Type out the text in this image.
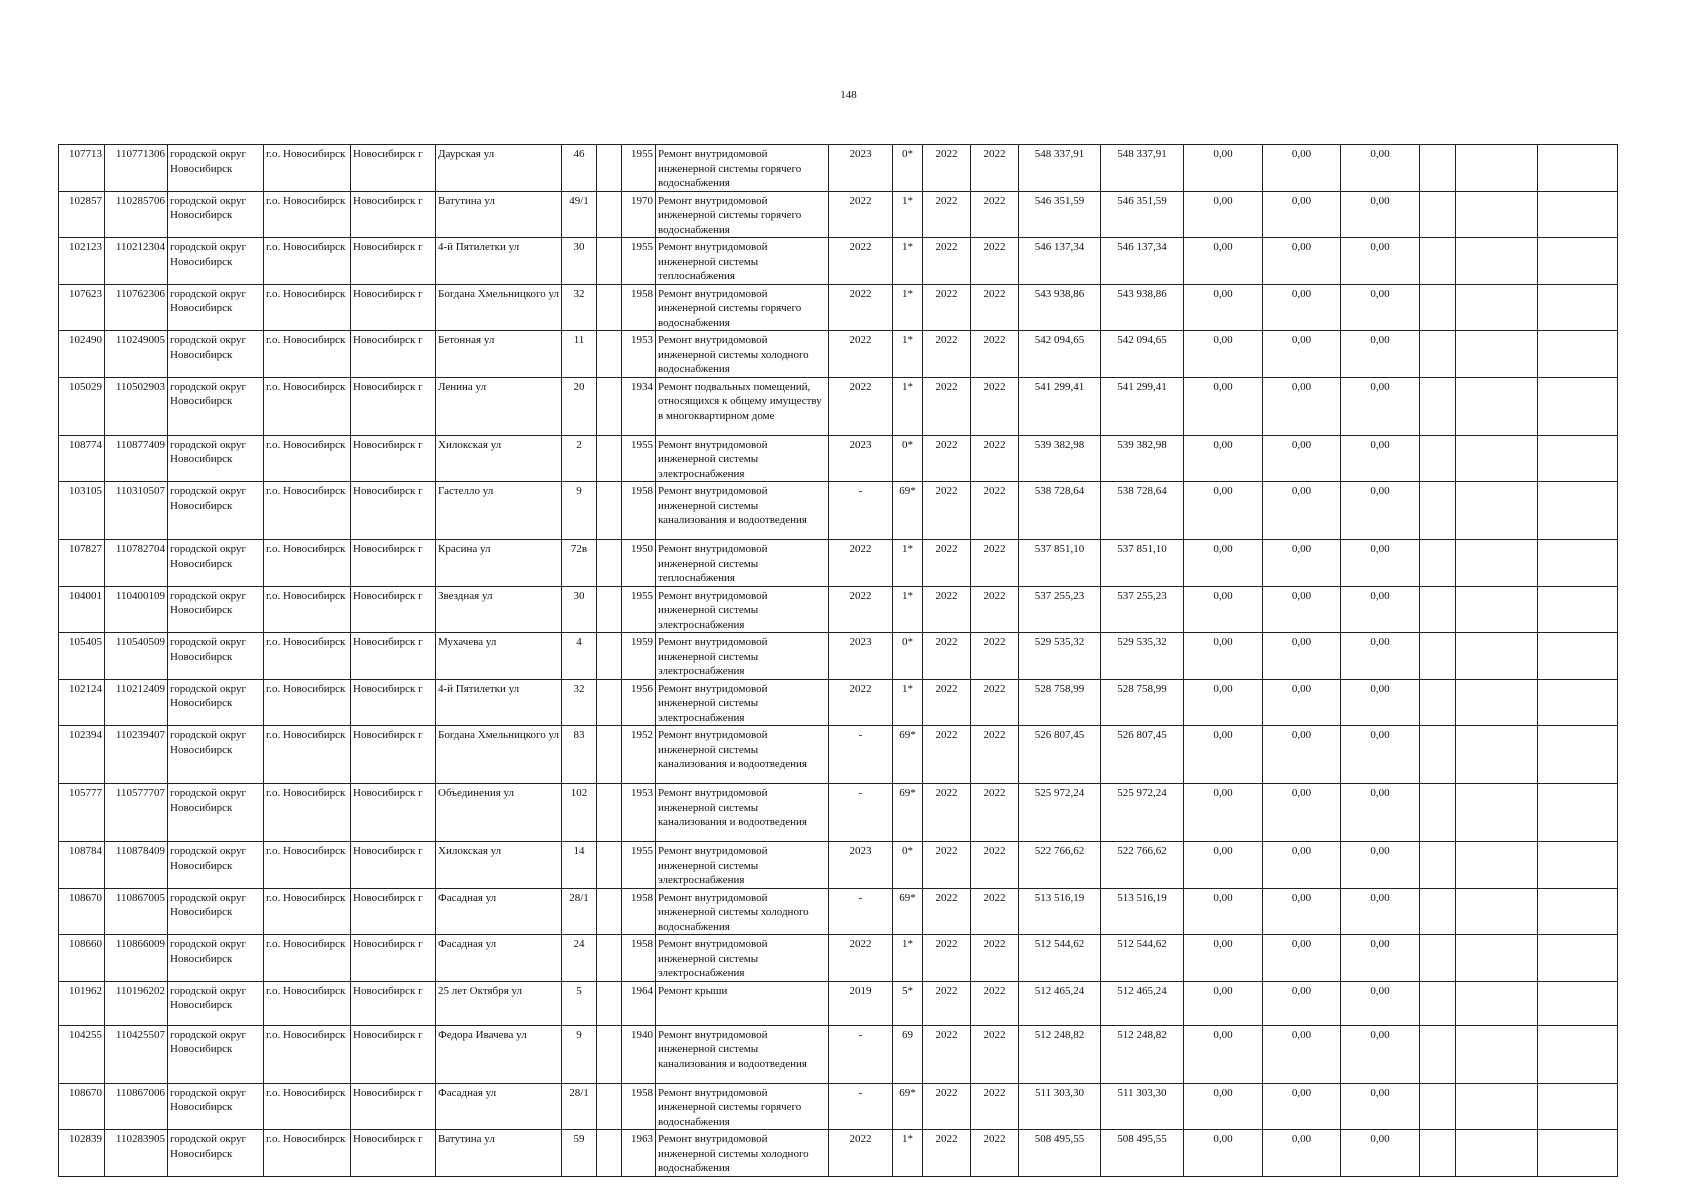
148
107713	110771306	городской округ Новосибирск	г.о. Новосибирск	Новосибирск г	Даурская ул	46		1955	Ремонт внутридомовой инженерной системы горячего водоснабжения	2023	0*	2022	2022	548 337,91	548 337,91	0,00	0,00	0,00			
102857	110285706	городской округ Новосибирск	г.о. Новосибирск	Новосибирск г	Ватутина ул	49/1		1970	Ремонт внутридомовой инженерной системы горячего водоснабжения	2022	1*	2022	2022	546 351,59	546 351,59	0,00	0,00	0,00			
102123	110212304	городской округ Новосибирск	г.о. Новосибирск	Новосибирск г	4-й Пятилетки ул	30		1955	Ремонт внутридомовой инженерной системы теплоснабжения	2022	1*	2022	2022	546 137,34	546 137,34	0,00	0,00	0,00			
107623	110762306	городской округ Новосибирск	г.о. Новосибирск	Новосибирск г	Богдана Хмельницкого ул	32		1958	Ремонт внутридомовой инженерной системы горячего водоснабжения	2022	1*	2022	2022	543 938,86	543 938,86	0,00	0,00	0,00			
102490	110249005	городской округ Новосибирск	г.о. Новосибирск	Новосибирск г	Бетонная ул	11		1953	Ремонт внутридомовой инженерной системы холодного водоснабжения	2022	1*	2022	2022	542 094,65	542 094,65	0,00	0,00	0,00			
105029	110502903	городской округ Новосибирск	г.о. Новосибирск	Новосибирск г	Ленина ул	20		1934	Ремонт подвальных помещений, относящихся к общему имуществу в многоквартирном доме	2022	1*	2022	2022	541 299,41	541 299,41	0,00	0,00	0,00			
108774	110877409	городской округ Новосибирск	г.о. Новосибирск	Новосибирск г	Хилокская ул	2		1955	Ремонт внутридомовой инженерной системы электроснабжения	2023	0*	2022	2022	539 382,98	539 382,98	0,00	0,00	0,00			
103105	110310507	городской округ Новосибирск	г.о. Новосибирск	Новосибирск г	Гастелло ул	9		1958	Ремонт внутридомовой инженерной системы канализования и водоотведения	-	69*	2022	2022	538 728,64	538 728,64	0,00	0,00	0,00			
107827	110782704	городской округ Новосибирск	г.о. Новосибирск	Новосибирск г	Красина ул	72в		1950	Ремонт внутридомовой инженерной системы теплоснабжения	2022	1*	2022	2022	537 851,10	537 851,10	0,00	0,00	0,00			
104001	110400109	городской округ Новосибирск	г.о. Новосибирск	Новосибирск г	Звездная ул	30		1955	Ремонт внутридомовой инженерной системы электроснабжения	2022	1*	2022	2022	537 255,23	537 255,23	0,00	0,00	0,00			
105405	110540509	городской округ Новосибирск	г.о. Новосибирск	Новосибирск г	Мухачева ул	4		1959	Ремонт внутридомовой инженерной системы электроснабжения	2023	0*	2022	2022	529 535,32	529 535,32	0,00	0,00	0,00			
102124	110212409	городской округ Новосибирск	г.о. Новосибирск	Новосибирск г	4-й Пятилетки ул	32		1956	Ремонт внутридомовой инженерной системы электроснабжения	2022	1*	2022	2022	528 758,99	528 758,99	0,00	0,00	0,00			
102394	110239407	городской округ Новосибирск	г.о. Новосибирск	Новосибирск г	Богдана Хмельницкого ул	83		1952	Ремонт внутридомовой инженерной системы канализования и водоотведения	-	69*	2022	2022	526 807,45	526 807,45	0,00	0,00	0,00			
105777	110577707	городской округ Новосибирск	г.о. Новосибирск	Новосибирск г	Объединения ул	102		1953	Ремонт внутридомовой инженерной системы канализования и водоотведения	-	69*	2022	2022	525 972,24	525 972,24	0,00	0,00	0,00			
108784	110878409	городской округ Новосибирск	г.о. Новосибирск	Новосибирск г	Хилокская ул	14		1955	Ремонт внутридомовой инженерной системы электроснабжения	2023	0*	2022	2022	522 766,62	522 766,62	0,00	0,00	0,00			
108670	110867005	городской округ Новосибирск	г.о. Новосибирск	Новосибирск г	Фасадная ул	28/1		1958	Ремонт внутридомовой инженерной системы холодного водоснабжения	-	69*	2022	2022	513 516,19	513 516,19	0,00	0,00	0,00			
108660	110866009	городской округ Новосибирск	г.о. Новосибирск	Новосибирск г	Фасадная ул	24		1958	Ремонт внутридомовой инженерной системы электроснабжения	2022	1*	2022	2022	512 544,62	512 544,62	0,00	0,00	0,00			
101962	110196202	городской округ Новосибирск	г.о. Новосибирск	Новосибирск г	25 лет Октября ул	5		1964	Ремонт крыши	2019	5*	2022	2022	512 465,24	512 465,24	0,00	0,00	0,00			
104255	110425507	городской округ Новосибирск	г.о. Новосибирск	Новосибирск г	Федора Ивачева ул	9		1940	Ремонт внутридомовой инженерной системы канализования и водоотведения	-	69	2022	2022	512 248,82	512 248,82	0,00	0,00	0,00			
108670	110867006	городской округ Новосибирск	г.о. Новосибирск	Новосибирск г	Фасадная ул	28/1		1958	Ремонт внутридомовой инженерной системы горячего водоснабжения	-	69*	2022	2022	511 303,30	511 303,30	0,00	0,00	0,00			
102839	110283905	городской округ Новосибирск	г.о. Новосибирск	Новосибирск г	Ватутина ул	59		1963	Ремонт внутридомовой инженерной системы холодного водоснабжения	2022	1*	2022	2022	508 495,55	508 495,55	0,00	0,00	0,00			
